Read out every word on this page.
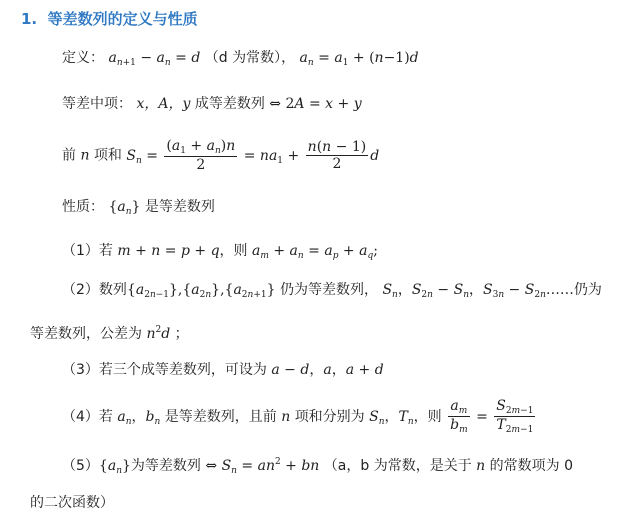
1. 等差数列的定义与性质
定义： $a_{n+1} - a_n = d$ （d 为常数）， $a_n = a_1 + (n-1)d$
等差中项： x，A，y 成等差数列 ⇔ 2A = x + y
前 n 项和 $S_n = \frac{(a_1 + a_n)n}{2} = na_1 + \frac{n(n - 1)}{2}$ d
性质： $\{a_n\}$ 是等差数列
（1）若 m + n = p + q，则 $a_m + a_n = a_p + a_q$;
（2）数列$\{a_{2n-1}\},\{a_{2n}\},\{a_{2n+1}\}$ 仍为等差数列， $S_n$，$S_{2n} - S_n$，$S_{3n}$ − $S_{2n}\dots\dots$仍为
等差数列，公差为 $n^2d$ ；
（3）若三个成等差数列，可设为 a − d，a，a + d
（4）若 $a_n$，$b_n$ 是等差数列，且前 n 项和分别为 $S_n$，$T_n$，则 $\frac{a_m}{b_m} = \frac{S_{2m-1}}{T_{2m-1}}$
$(5)\{a_n\}$为等差数列 ⇔ $S_n = an^2$ + bn （a，b 为常数，是关于 n 的常数项为 0
的二次函数）
